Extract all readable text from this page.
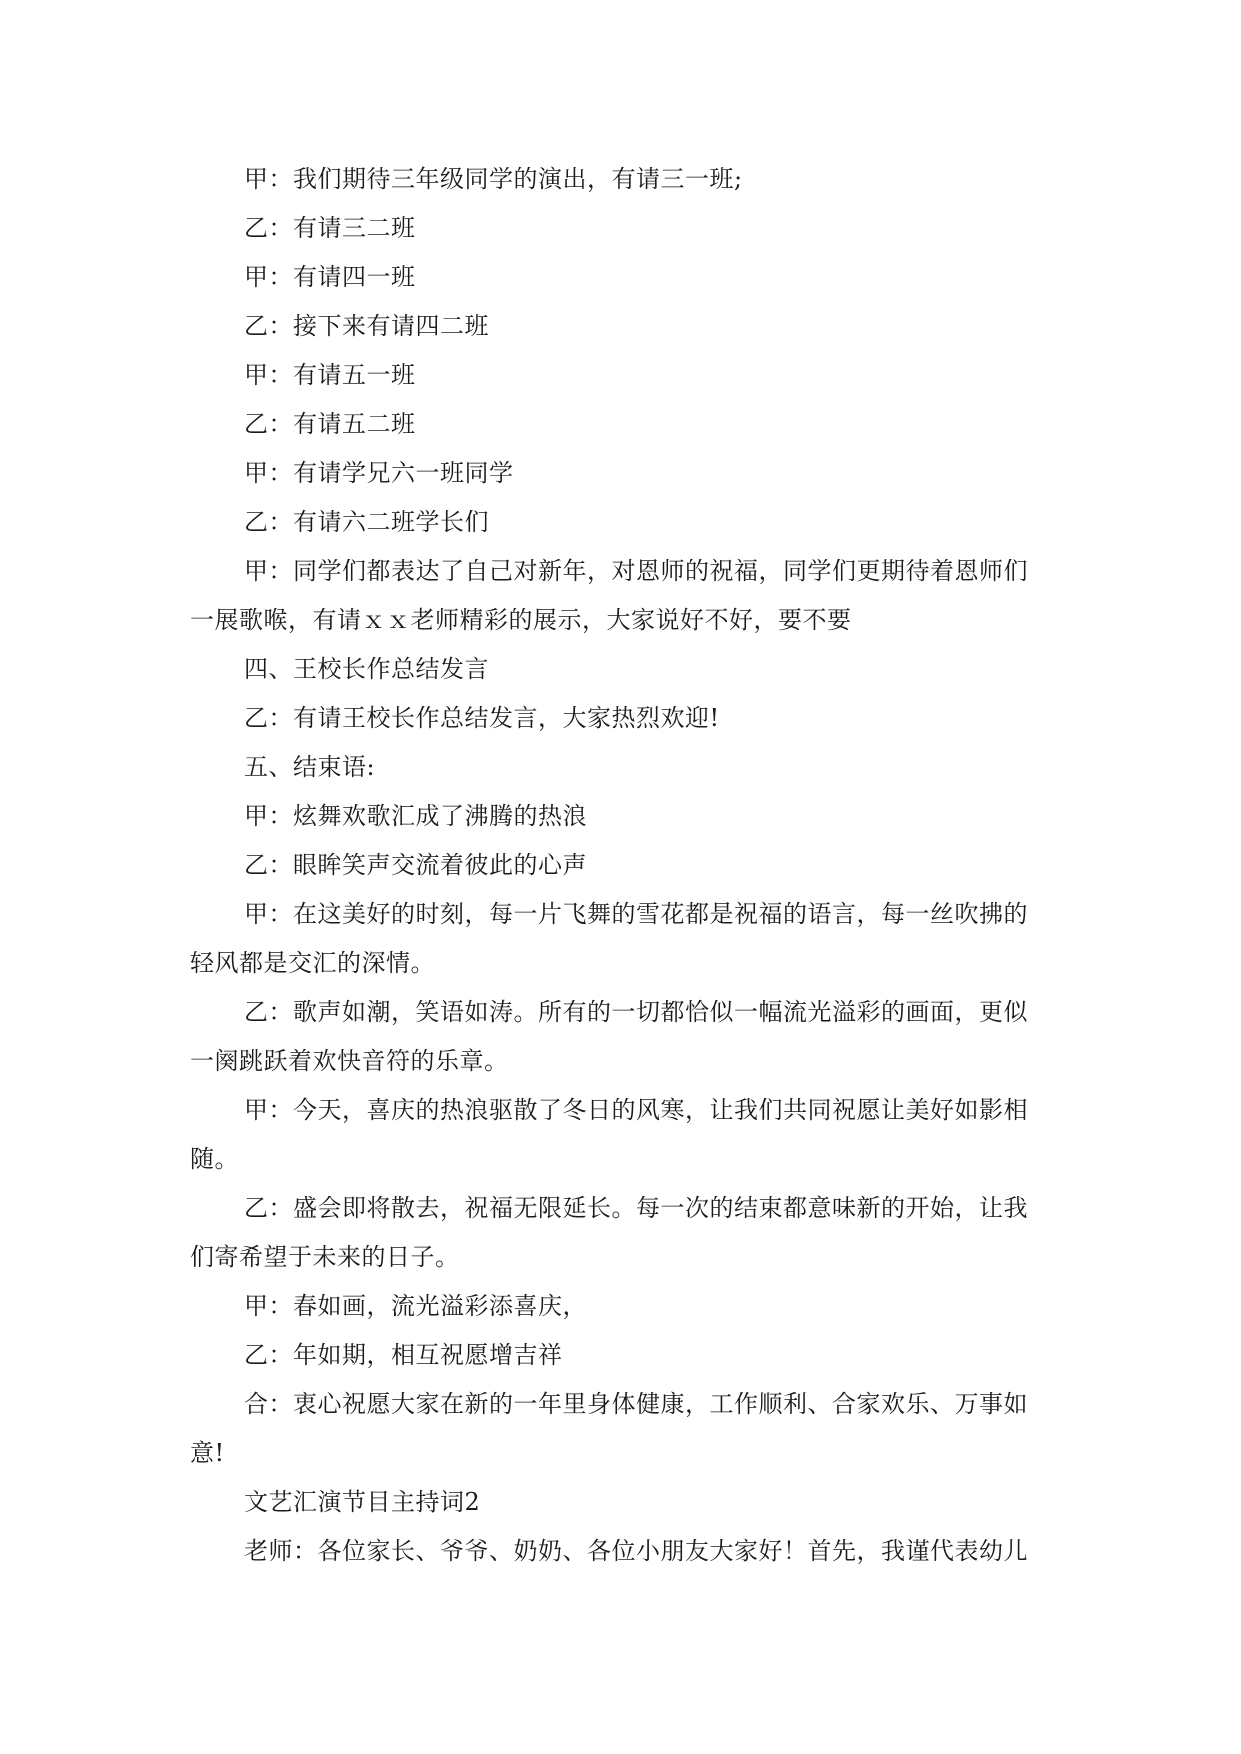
甲：我们期待三年级同学的演出，有请三一班;

乙：有请三二班

甲：有请四一班

乙：接下来有请四二班

甲：有请五一班

乙：有请五二班

甲：有请学兄六一班同学

乙：有请六二班学长们

甲：同学们都表达了自己对新年，对恩师的祝福，同学们更期待着恩师们一展歌喉，有请ｘｘ老师精彩的展示，大家说好不好，要不要

四、王校长作总结发言

乙：有请王校长作总结发言，大家热烈欢迎!

五、结束语:

甲：炫舞欢歌汇成了沸腾的热浪

乙：眼眸笑声交流着彼此的心声

甲：在这美好的时刻，每一片飞舞的雪花都是祝福的语言，每一丝吹拂的轻风都是交汇的深情。

乙：歌声如潮，笑语如涛。所有的一切都恰似一幅流光溢彩的画面，更似一阕跳跃着欢快音符的乐章。

甲：今天，喜庆的热浪驱散了冬日的风寒，让我们共同祝愿让美好如影相随。

乙：盛会即将散去，祝福无限延长。每一次的结束都意味新的开始，让我们寄希望于未来的日子。

甲：春如画，流光溢彩添喜庆，

乙：年如期，相互祝愿增吉祥

合：衷心祝愿大家在新的一年里身体健康，工作顺利、合家欢乐、万事如意!

文艺汇演节目主持词2

老师：各位家长、爷爷、奶奶、各位小朋友大家好！首先，我谨代表幼儿
